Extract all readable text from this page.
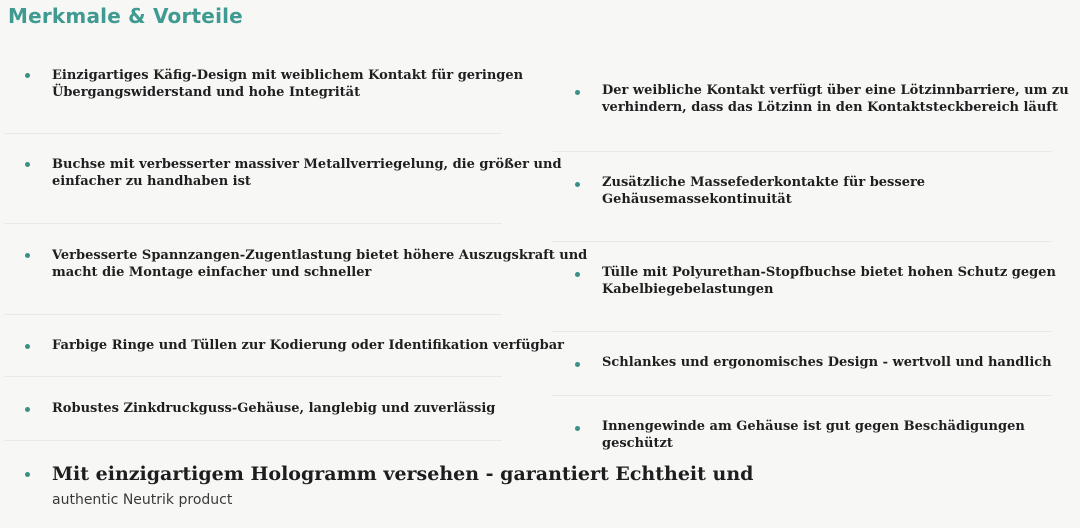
Merkmale & Vorteile
Einzigartiges Käfig-Design mit weiblichem Kontakt für geringen
Übergangswiderstand und hohe Integrität
Buchse mit verbesserter massiver Metallverriegelung, die größer und
einfacher zu handhaben ist
Verbesserte Spannzangen-Zugentlastung bietet höhere Auszugskraft und
macht die Montage einfacher und schneller
Farbige Ringe und Tüllen zur Kodierung oder Identifikation verfügbar
Robustes Zinkdruckguss-Gehäuse, langlebig und zuverlässig
Der weibliche Kontakt verfügt über eine Lötzinnbarriere, um zu
verhindern, dass das Lötzinn in den Kontaktsteckbereich läuft
Zusätzliche Massefederkontakte für bessere
Gehäusemassekontinuität
Tülle mit Polyurethan-Stopfbuchse bietet hohen Schutz gegen
Kabelbiegebelastungen
Schlankes und ergonomisches Design - wertvoll und handlich
Innengewinde am Gehäuse ist gut gegen Beschädigungen geschützt
Mit einzigartigem Hologramm versehen - garantiert Echtheit und
authentic Neutrik product
